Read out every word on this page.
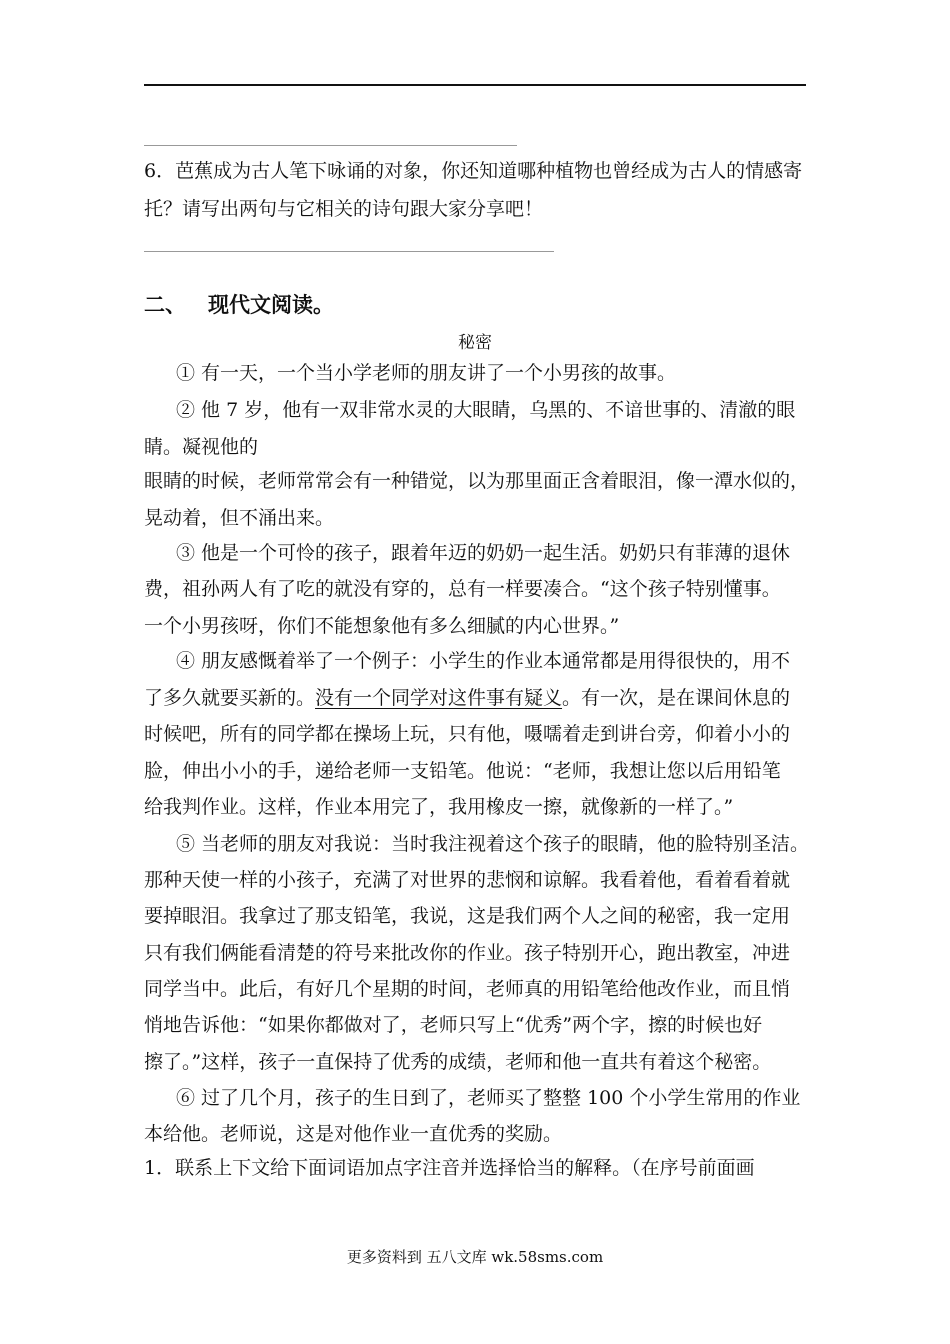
6．芭蕉成为古人笔下咏诵的对象，你还知道哪种植物也曾经成为古人的情感寄
托？请写出两句与它相关的诗句跟大家分享吧！
二、 现代文阅读。
秘密
① 有一天，一个当小学老师的朋友讲了一个小男孩的故事。
② 他 7 岁，他有一双非常水灵的大眼睛，乌黑的、不谙世事的、清澈的眼
睛。凝视他的
眼睛的时候，老师常常会有一种错觉，以为那里面正含着眼泪，像一潭水似的，
晃动着，但不涌出来。
③ 他是一个可怜的孩子，跟着年迈的奶奶一起生活。奶奶只有菲薄的退休
费，祖孙两人有了吃的就没有穿的，总有一样要凑合。“这个孩子特别懂事。
一个小男孩呀，你们不能想象他有多么细腻的内心世界。”
④ 朋友感慨着举了一个例子：小学生的作业本通常都是用得很快的，用不
了多久就要买新的。没有一个同学对这件事有疑义。有一次，是在课间休息的
时候吧，所有的同学都在操场上玩，只有他，嗫嚅着走到讲台旁，仰着小小的
脸，伸出小小的手，递给老师一支铅笔。他说：“老师，我想让您以后用铅笔
给我判作业。这样，作业本用完了，我用橡皮一擦，就像新的一样了。”
⑤ 当老师的朋友对我说：当时我注视着这个孩子的眼睛，他的脸特别圣洁。
那种天使一样的小孩子，充满了对世界的悲悯和谅解。我看着他，看着看着就
要掉眼泪。我拿过了那支铅笔，我说，这是我们两个人之间的秘密，我一定用
只有我们俩能看清楚的符号来批改你的作业。孩子特别开心，跑出教室，冲进
同学当中。此后，有好几个星期的时间，老师真的用铅笔给他改作业，而且悄
悄地告诉他：“如果你都做对了，老师只写上“优秀”两个字，擦的时候也好
擦了。”这样，孩子一直保持了优秀的成绩，老师和他一直共有着这个秘密。
⑥ 过了几个月，孩子的生日到了，老师买了整整 100 个小学生常用的作业
本给他。老师说，这是对他作业一直优秀的奖励。
1．联系上下文给下面词语加点字注音并选择恰当的解释。（在序号前面画
更多资料到 五八文库 wk.58sms.com
